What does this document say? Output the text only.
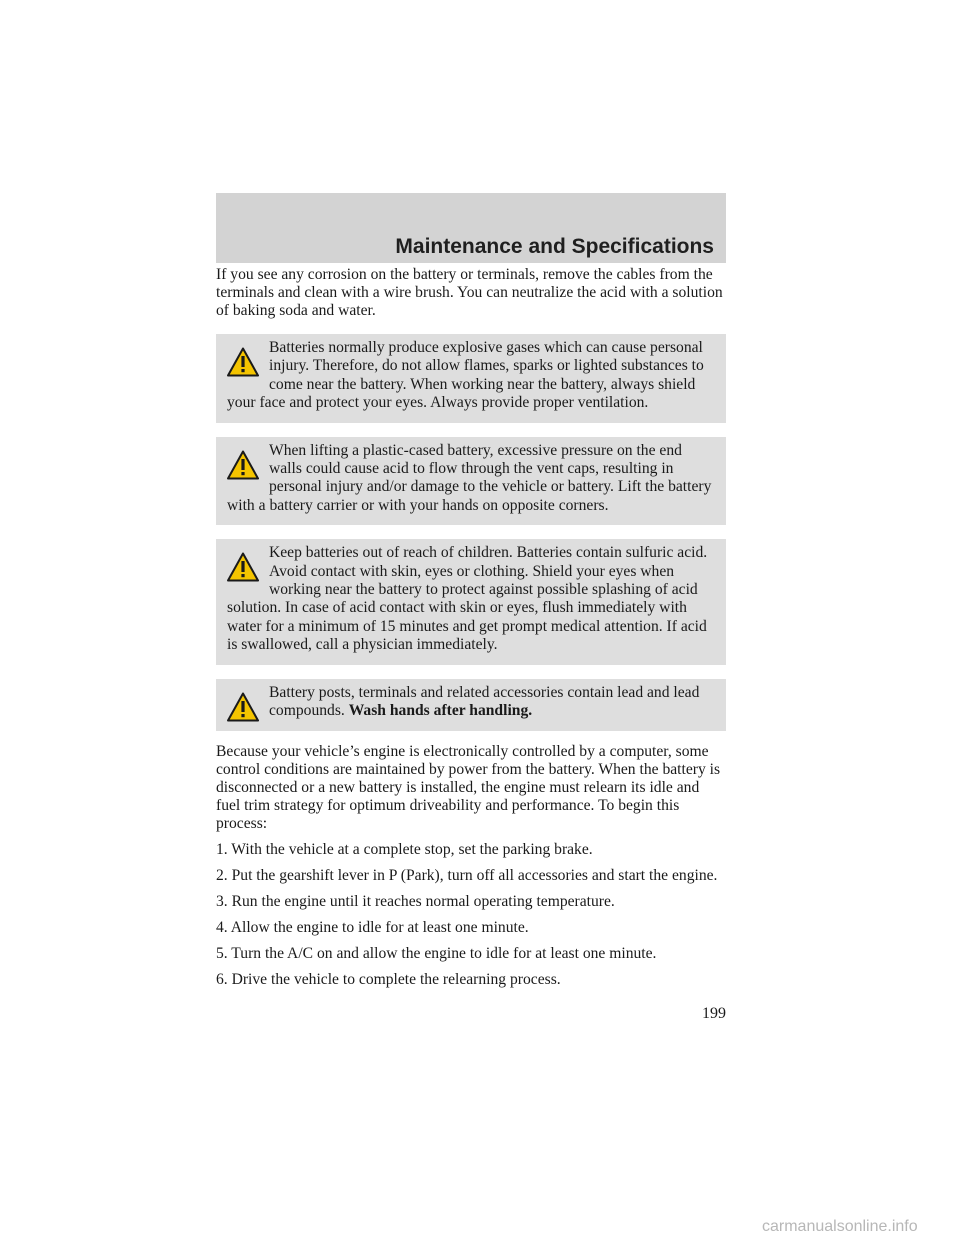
Maintenance and Specifications

If you see any corrosion on the battery or terminals, remove the cables from the terminals and clean with a wire brush. You can neutralize the acid with a solution of baking soda and water.

Batteries normally produce explosive gases which can cause personal injury. Therefore, do not allow flames, sparks or lighted substances to come near the battery. When working near the battery, always shield your face and protect your eyes. Always provide proper ventilation.
When lifting a plastic-cased battery, excessive pressure on the end walls could cause acid to flow through the vent caps, resulting in personal injury and/or damage to the vehicle or battery. Lift the battery with a battery carrier or with your hands on opposite corners.
Keep batteries out of reach of children. Batteries contain sulfuric acid. Avoid contact with skin, eyes or clothing. Shield your eyes when working near the battery to protect against possible splashing of acid solution. In case of acid contact with skin or eyes, flush immediately with water for a minimum of 15 minutes and get prompt medical attention. If acid is swallowed, call a physician immediately.
Battery posts, terminals and related accessories contain lead and lead compounds. Wash hands after handling.

Because your vehicle’s engine is electronically controlled by a computer, some control conditions are maintained by power from the battery. When the battery is disconnected or a new battery is installed, the engine must relearn its idle and fuel trim strategy for optimum driveability and performance. To begin this process:

1. With the vehicle at a complete stop, set the parking brake.

2. Put the gearshift lever in P (Park), turn off all accessories and start the engine.

3. Run the engine until it reaches normal operating temperature.

4. Allow the engine to idle for at least one minute.

5. Turn the A/C on and allow the engine to idle for at least one minute.

6. Drive the vehicle to complete the relearning process.

199
carmanualsonline.info
